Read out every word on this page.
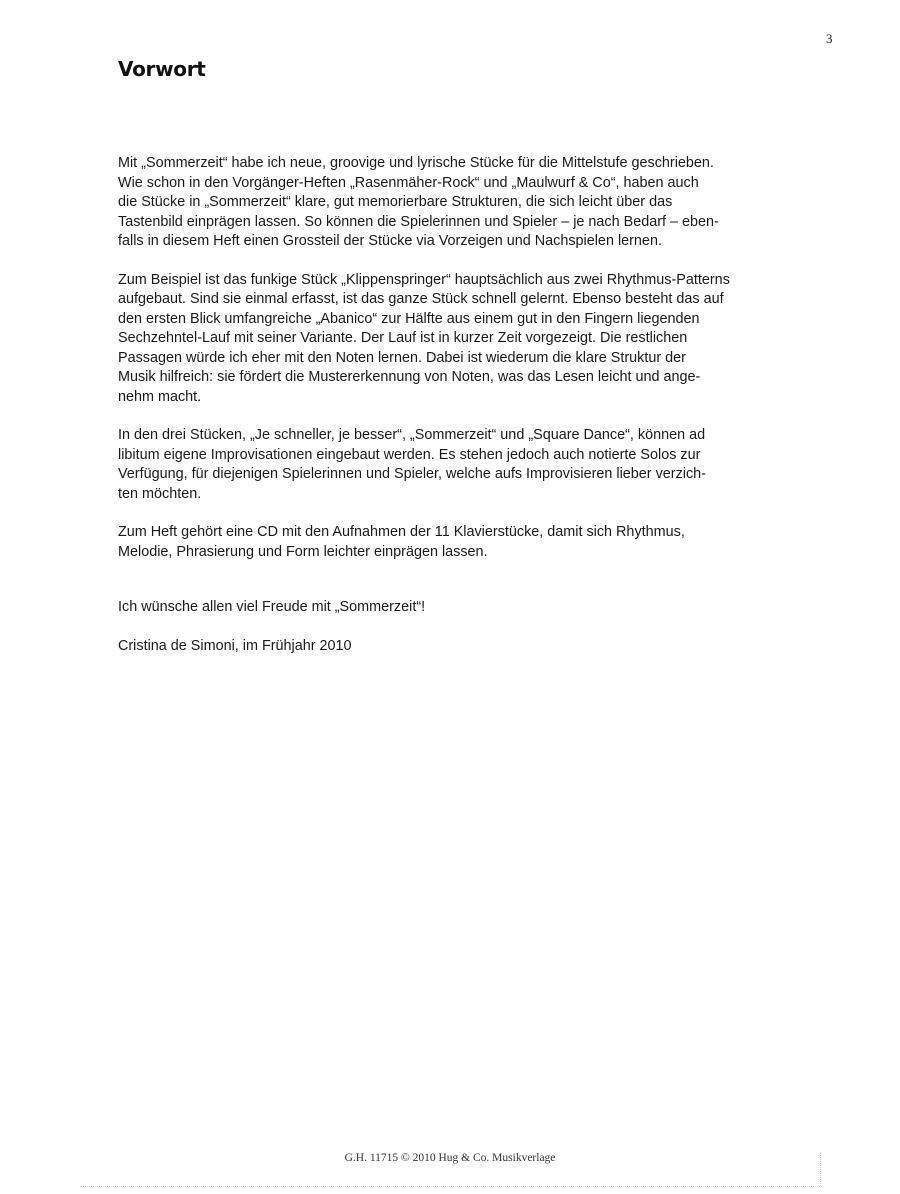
3
Vorwort

Mit „Sommerzeit“ habe ich neue, groovige und lyrische Stücke für die Mittelstufe geschrieben.
Wie schon in den Vorgänger-Heften „Rasenmäher-Rock“ und „Maulwurf & Co“, haben auch
die Stücke in „Sommerzeit“ klare, gut memorierbare Strukturen, die sich leicht über das
Tastenbild einprägen lassen. So können die Spielerinnen und Spieler – je nach Bedarf – eben-
falls in diesem Heft einen Grossteil der Stücke via Vorzeigen und Nachspielen lernen.

Zum Beispiel ist das funkige Stück „Klippenspringer“ hauptsächlich aus zwei Rhythmus-Patterns
aufgebaut. Sind sie einmal erfasst, ist das ganze Stück schnell gelernt. Ebenso besteht das auf
den ersten Blick umfangreiche „Abanico“ zur Hälfte aus einem gut in den Fingern liegenden
Sechzehntel-Lauf mit seiner Variante. Der Lauf ist in kurzer Zeit vorgezeigt. Die restlichen
Passagen würde ich eher mit den Noten lernen. Dabei ist wiederum die klare Struktur der
Musik hilfreich: sie fördert die Mustererkennung von Noten, was das Lesen leicht und ange-
nehm macht.

In den drei Stücken, „Je schneller, je besser“, „Sommerzeit“ und „Square Dance“, können ad
libitum eigene Improvisationen eingebaut werden. Es stehen jedoch auch notierte Solos zur
Verfügung, für diejenigen Spielerinnen und Spieler, welche aufs Improvisieren lieber verzich-
ten möchten.

Zum Heft gehört eine CD mit den Aufnahmen der 11 Klavierstücke, damit sich Rhythmus,
Melodie, Phrasierung und Form leichter einprägen lassen.

Ich wünsche allen viel Freude mit „Sommerzeit“!
Cristina de Simoni, im Frühjahr 2010
G.H. 11715 © 2010 Hug & Co. Musikverlage
